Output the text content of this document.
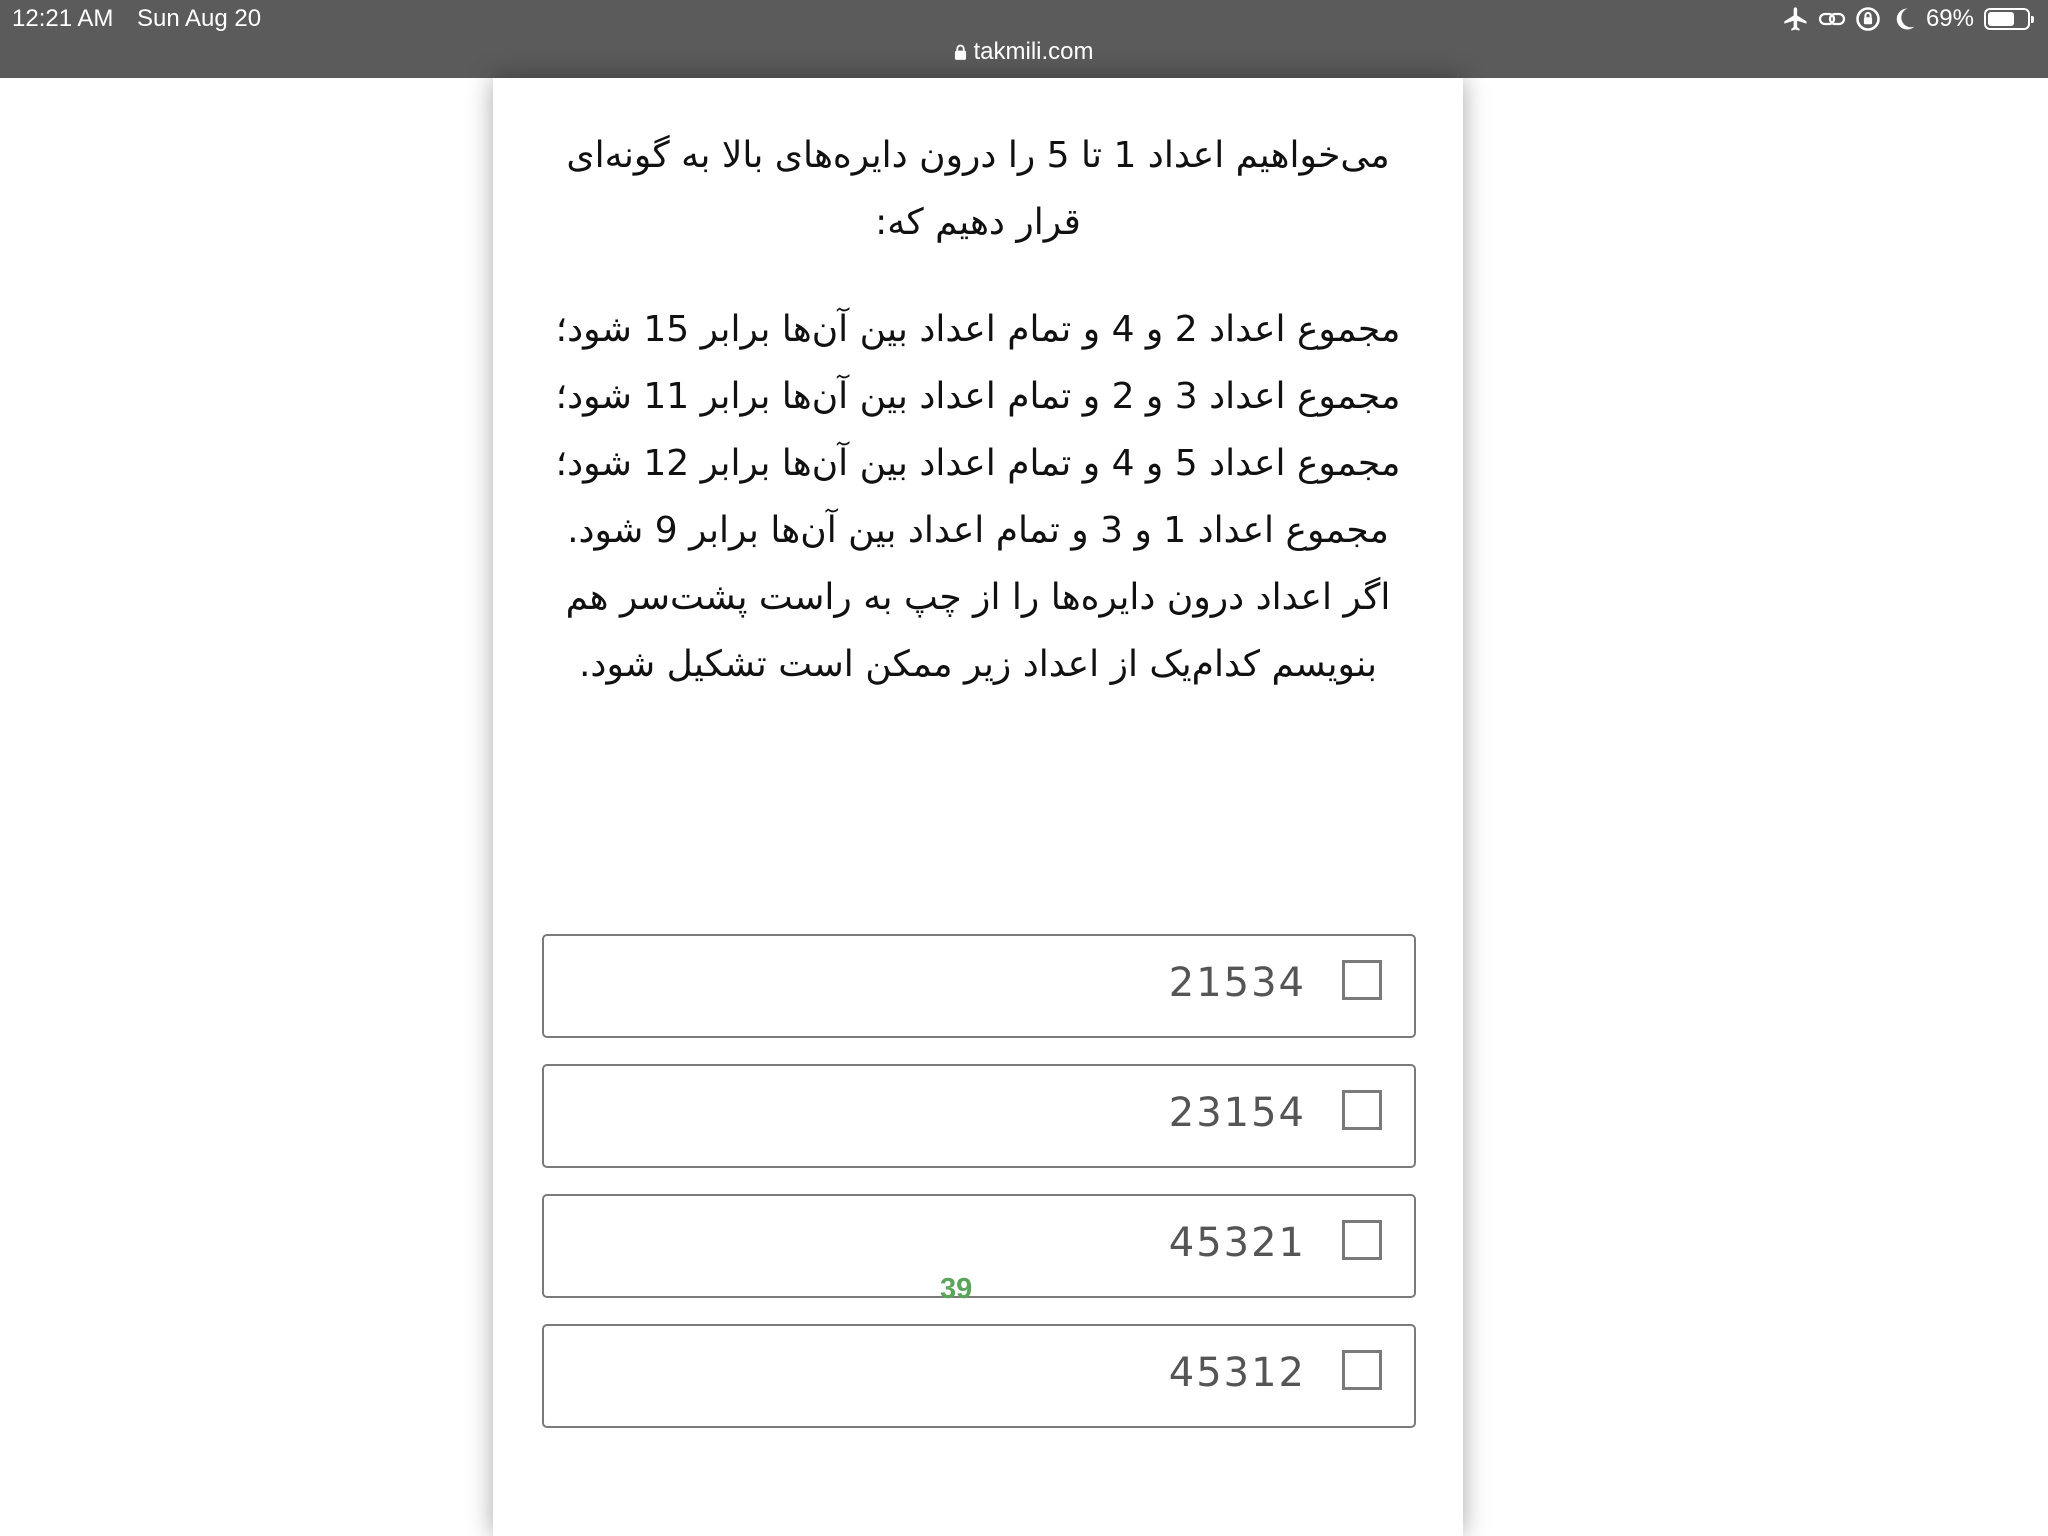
12:21 AM Sun Aug 20	69%
takmili.com

می‌خواهیم اعداد 1 تا 5 را درون دایره‌های بالا به گونه‌ای قرار دهیم که:

مجموع اعداد 2 و 4 و تمام اعداد بین آن‌ها برابر 15 شود؛

مجموع اعداد 3 و 2 و تمام اعداد بین آن‌ها برابر 11 شود؛

مجموع اعداد 5 و 4 و تمام اعداد بین آن‌ها برابر 12 شود؛

مجموع اعداد 1 و 3 و تمام اعداد بین آن‌ها برابر 9 شود.

اگر اعداد درون دایره‌ها را از چپ به راست پشت‌سر هم بنویسم کدام‌یک از اعداد زیر ممکن است تشکیل شود.

21534
23154
45321
45312
39
